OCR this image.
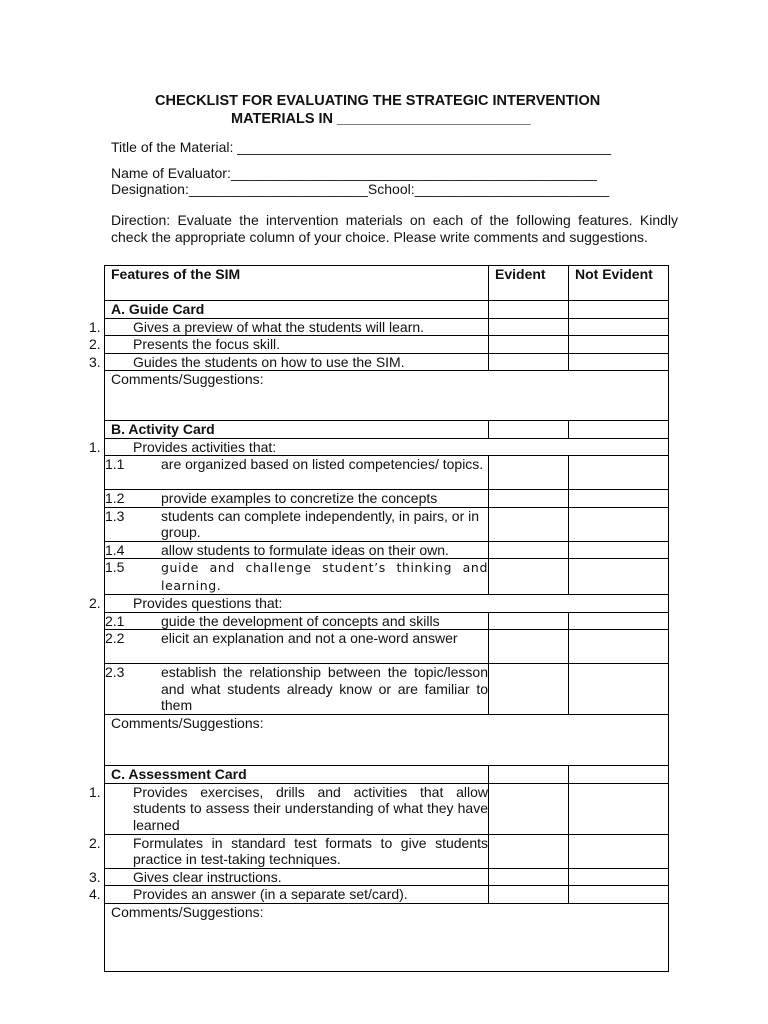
CHECKLIST FOR EVALUATING THE STRATEGIC INTERVENTION
MATERIALS IN ________________________
Title of the Material: ________________________________________________
Name of Evaluator:_______________________________________________
Designation:_______________________School:_________________________
Direction: Evaluate the intervention materials on each of the following features. Kindly check the appropriate column of your choice. Please write comments and suggestions.
Features of the SIM	Evident	Not Evident
A. Guide Card		

1. Gives a preview of what the students will learn.		

2. Presents the focus skill.		

3. Guides the students on how to use the SIM.		

Comments/Suggestions:		
B. Activity Card		

1. Provides activities that:		

1.1 are organized based on listed competencies/ topics.		

1.2 provide examples to concretize the concepts		

1.3 students can complete independently, in pairs, or in group.		

1.4 allow students to formulate ideas on their own.		

1.5 guide and challenge student’s thinking and learning.		

2. Provides questions that:		

2.1 guide the development of concepts and skills		

2.2 elicit an explanation and not a one-word answer		

2.3 establish the relationship between the topic/lesson and what students already know or are familiar to them		

Comments/Suggestions:		
C. Assessment Card		

1. Provides exercises, drills and activities that allow students to assess their understanding of what they have learned		

2. Formulates in standard test formats to give students practice in test-taking techniques.		

3. Gives clear instructions.		

4. Provides an answer (in a separate set/card).		

Comments/Suggestions:		
